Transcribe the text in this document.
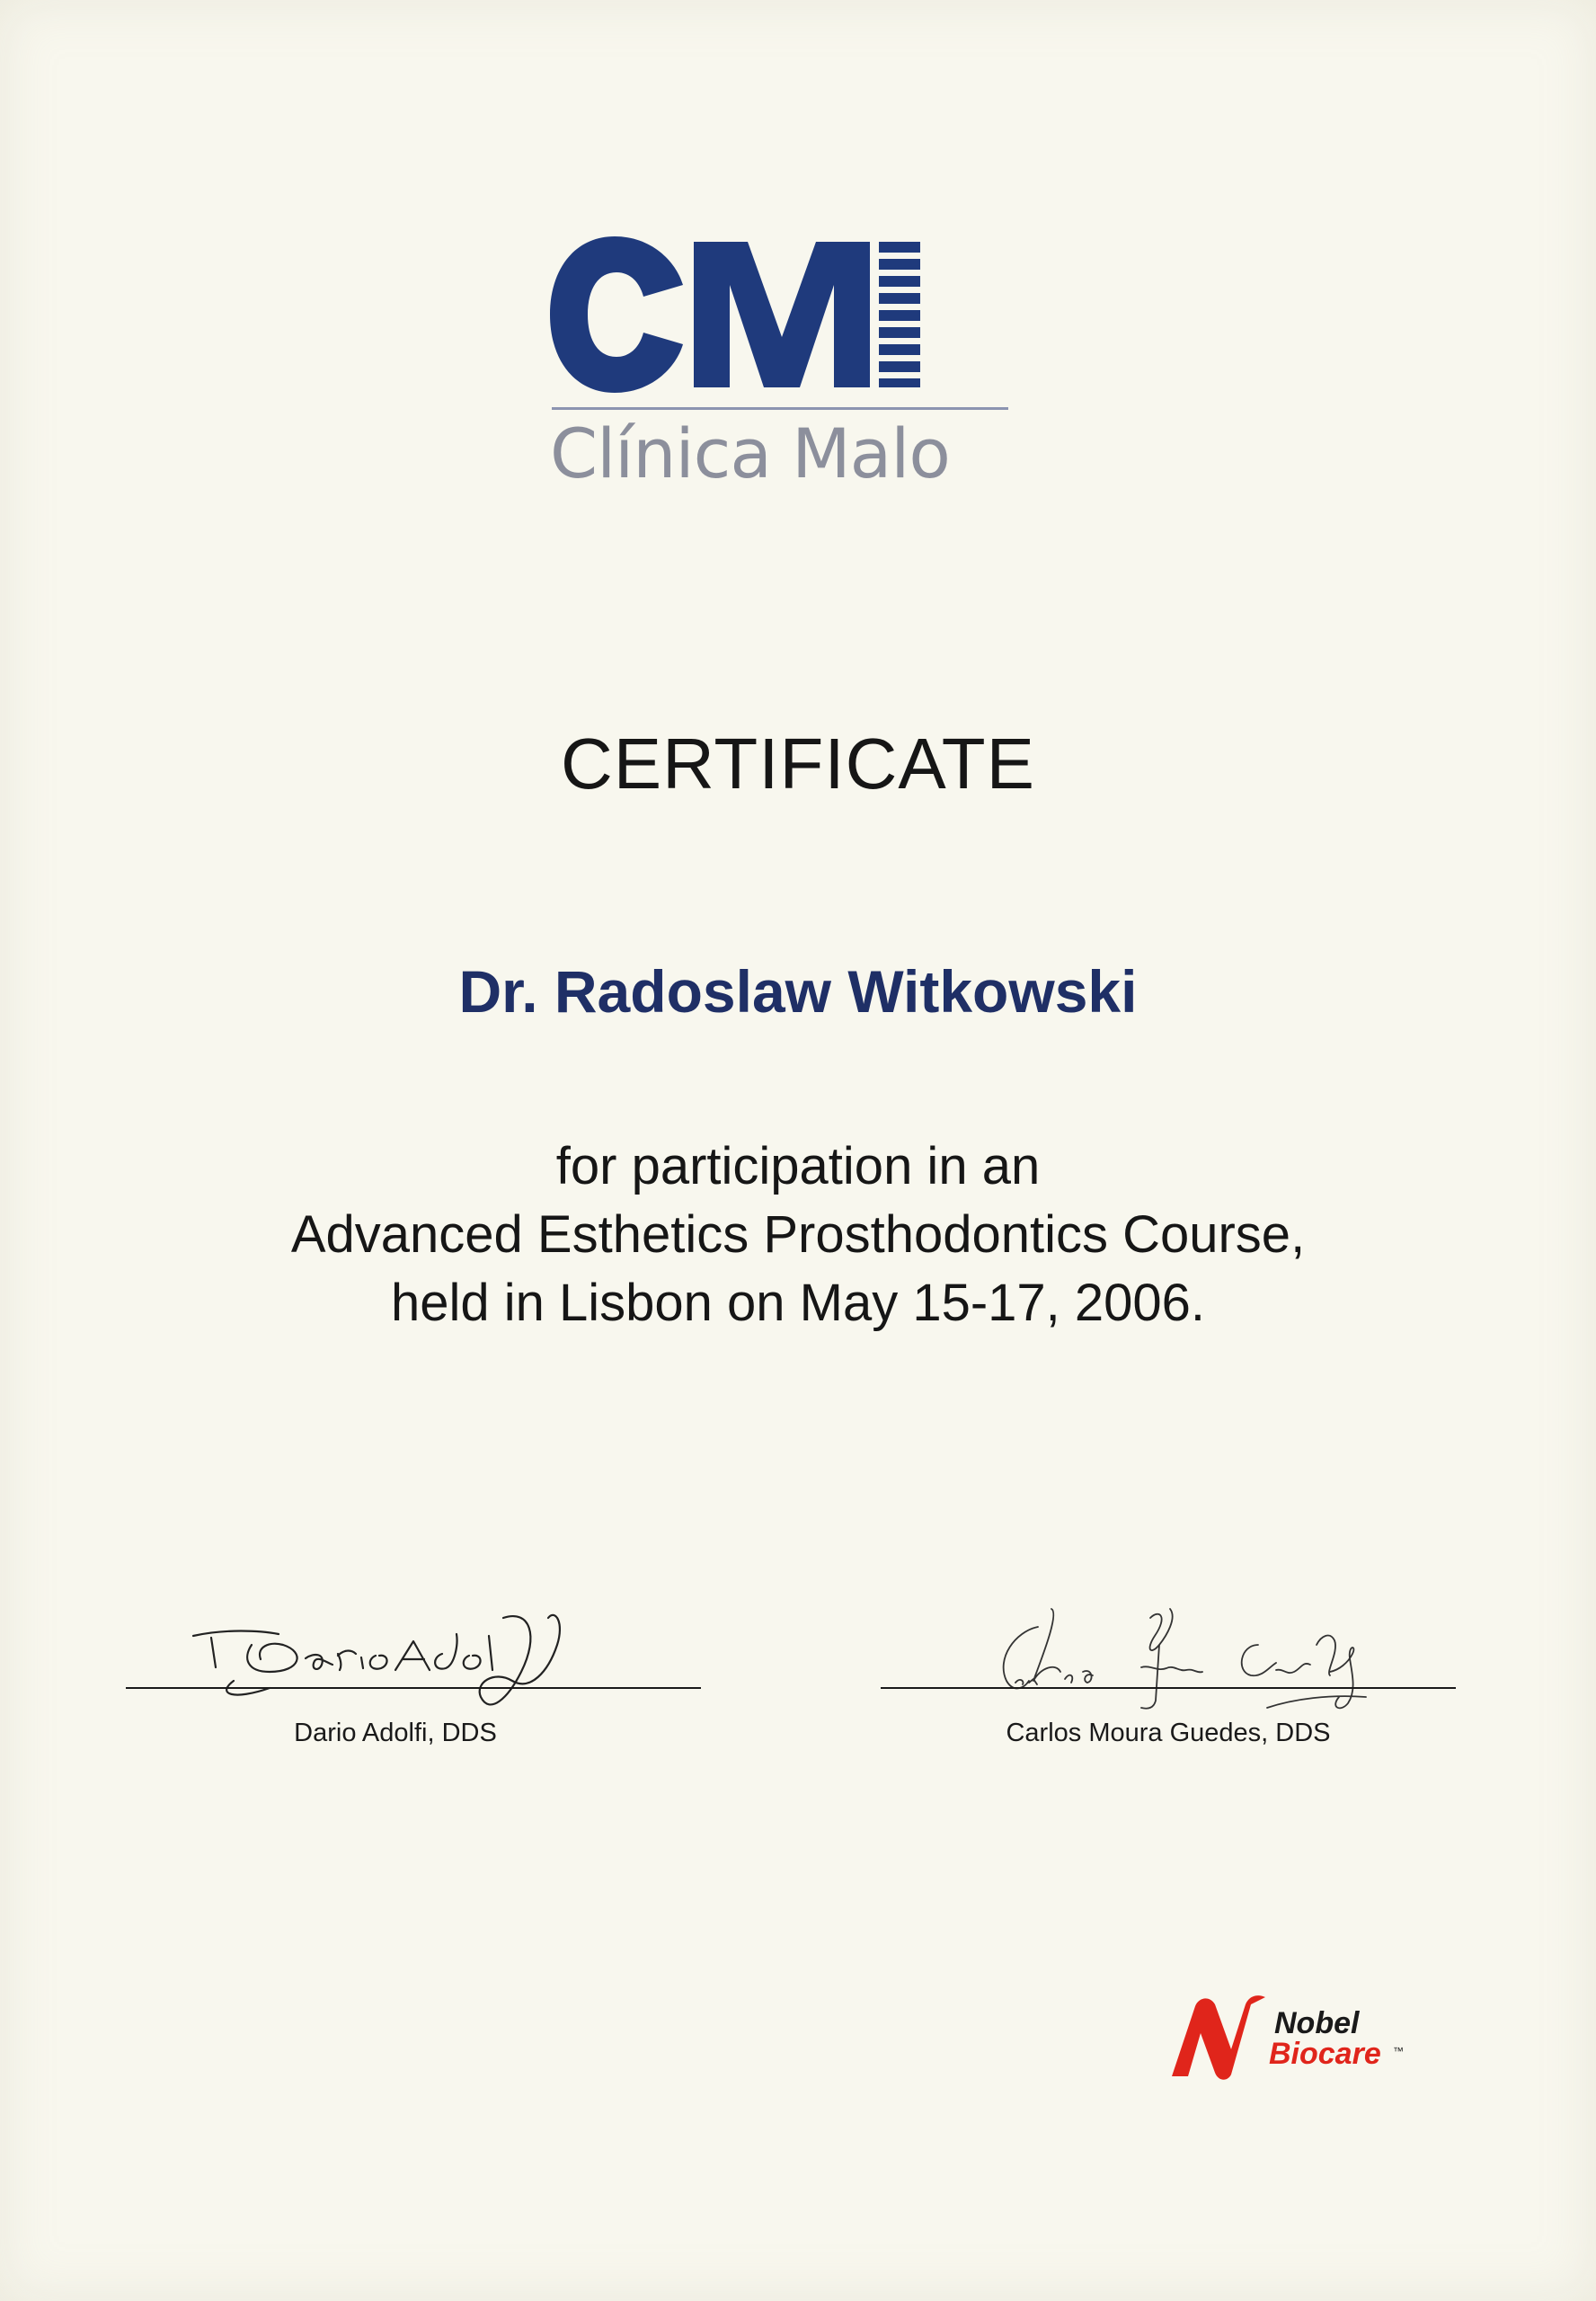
Clínica Malo
CERTIFICATE
Dr. Radoslaw Witkowski
for participation in an
Advanced Esthetics Prosthodontics Course,
held in Lisbon on May 15-17, 2006.
Dario Adolfi, DDS	Carlos Moura Guedes, DDS
Nobel
Biocare ™
